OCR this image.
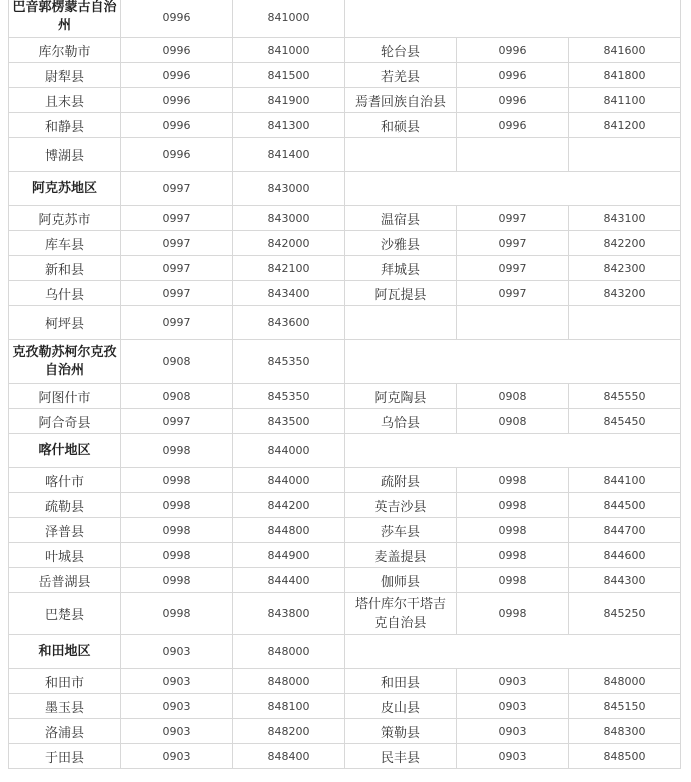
巴音郭楞蒙古自治州	0996	841000			
库尔勒市	0996	841000	轮台县	0996	841600
尉犁县	0996	841500	若羌县	0996	841800
且末县	0996	841900	焉耆回族自治县	0996	841100
和静县	0996	841300	和硕县	0996	841200
博湖县	0996	841400			
阿克苏地区	0997	843000			
阿克苏市	0997	843000	温宿县	0997	843100
库车县	0997	842000	沙雅县	0997	842200
新和县	0997	842100	拜城县	0997	842300
乌什县	0997	843400	阿瓦提县	0997	843200
柯坪县	0997	843600			
克孜勒苏柯尔克孜自治州	0908	845350			
阿图什市	0908	845350	阿克陶县	0908	845550
阿合奇县	0997	843500	乌恰县	0908	845450
喀什地区	0998	844000			
喀什市	0998	844000	疏附县	0998	844100
疏勒县	0998	844200	英吉沙县	0998	844500
泽普县	0998	844800	莎车县	0998	844700
叶城县	0998	844900	麦盖提县	0998	844600
岳普湖县	0998	844400	伽师县	0998	844300
巴楚县	0998	843800	塔什库尔干塔吉克自治县	0998	845250
和田地区	0903	848000			
和田市	0903	848000	和田县	0903	848000
墨玉县	0903	848100	皮山县	0903	845150
洛浦县	0903	848200	策勒县	0903	848300
于田县	0903	848400	民丰县	0903	848500
